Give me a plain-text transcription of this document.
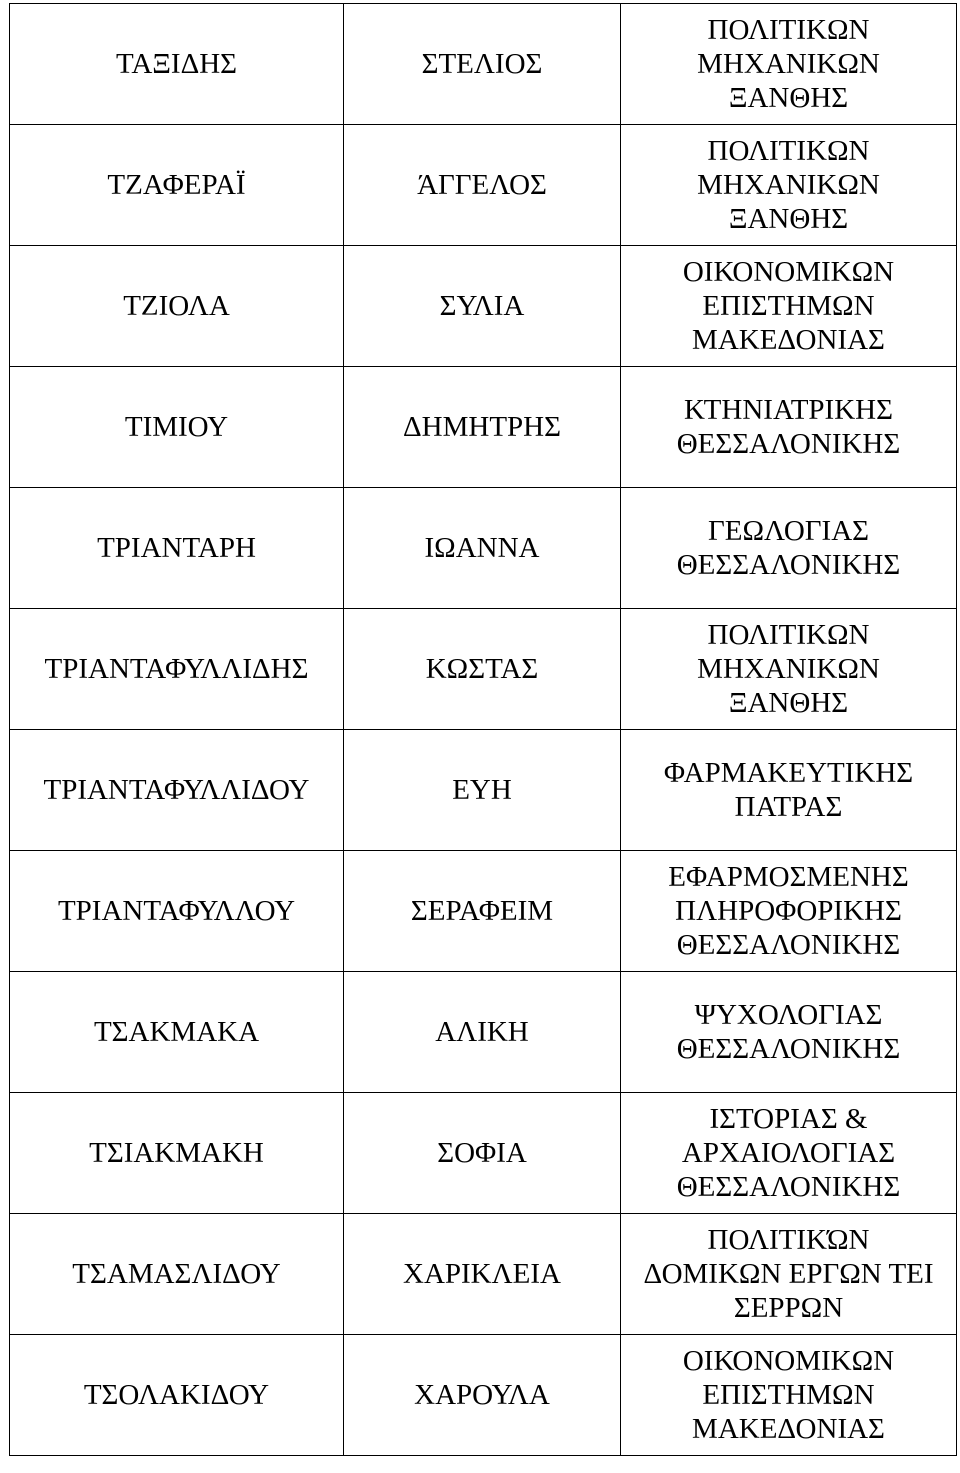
ΤΑΞΙΔΗΣ	ΣΤΕΛΙΟΣ	ΠΟΛΙΤΙΚΩΝ
ΜΗΧΑΝΙΚΩΝ
ΞΑΝΘΗΣ
ΤΖΑΦΕΡΑΪ	ΆΓΓΕΛΟΣ	ΠΟΛΙΤΙΚΩΝ
ΜΗΧΑΝΙΚΩΝ
ΞΑΝΘΗΣ
ΤΖΙΟΛΑ	ΣΥΛΙΑ	ΟΙΚΟΝΟΜΙΚΩΝ
ΕΠΙΣΤΗΜΩΝ
ΜΑΚΕΔΟΝΙΑΣ
ΤΙΜΙΟΥ	ΔΗΜΗΤΡΗΣ	ΚΤΗΝΙΑΤΡΙΚΗΣ
ΘΕΣΣΑΛΟΝΙΚΗΣ
ΤΡΙΑΝΤΑΡΗ	ΙΩΑΝΝΑ	ΓΕΩΛΟΓΙΑΣ
ΘΕΣΣΑΛΟΝΙΚΗΣ
ΤΡΙΑΝΤΑΦΥΛΛΙΔΗΣ	ΚΩΣΤΑΣ	ΠΟΛΙΤΙΚΩΝ
ΜΗΧΑΝΙΚΩΝ
ΞΑΝΘΗΣ
ΤΡΙΑΝΤΑΦΥΛΛΙΔΟΥ	ΕΥΗ	ΦΑΡΜΑΚΕΥΤΙΚΗΣ
ΠΑΤΡΑΣ
ΤΡΙΑΝΤΑΦΥΛΛΟΥ	ΣΕΡΑΦΕΙΜ	ΕΦΑΡΜΟΣΜΕΝΗΣ
ΠΛΗΡΟΦΟΡΙΚΗΣ
ΘΕΣΣΑΛΟΝΙΚΗΣ
ΤΣΑΚΜΑΚΑ	ΑΛΙΚΗ	ΨΥΧΟΛΟΓΙΑΣ
ΘΕΣΣΑΛΟΝΙΚΗΣ
ΤΣΙΑΚΜΑΚΗ	ΣΟΦΙΑ	ΙΣΤΟΡΙΑΣ &
ΑΡΧΑΙΟΛΟΓΙΑΣ
ΘΕΣΣΑΛΟΝΙΚΗΣ
ΤΣΑΜΑΣΛΙΔΟΥ	ΧΑΡΙΚΛΕΙΑ	ΠΟΛΙΤΙΚΏΝ
ΔΟΜΙΚΩΝ ΕΡΓΩΝ ΤΕΙ
ΣΕΡΡΩΝ
ΤΣΟΛΑΚΙΔΟΥ	ΧΑΡΟΥΛΑ	ΟΙΚΟΝΟΜΙΚΩΝ
ΕΠΙΣΤΗΜΩΝ
ΜΑΚΕΔΟΝΙΑΣ
